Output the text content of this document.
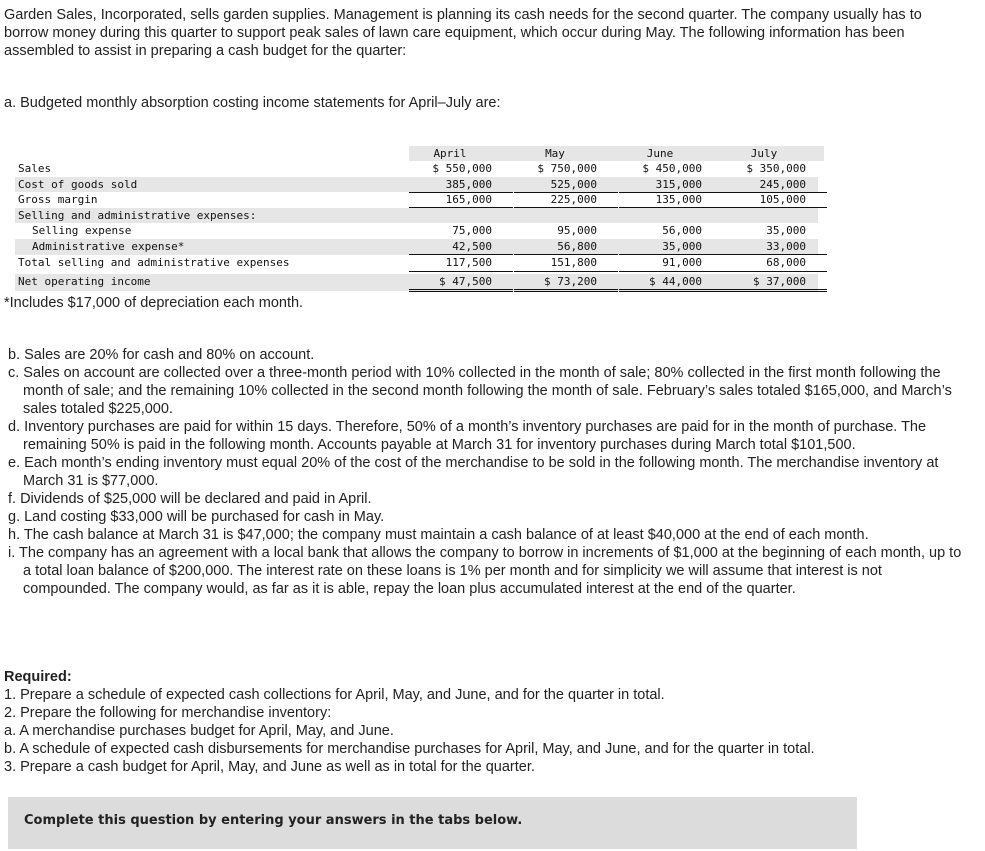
Garden Sales, Incorporated, sells garden supplies. Management is planning its cash needs for the second quarter. The company usually has to borrow money during this quarter to support peak sales of lawn care equipment, which occur during May. The following information has been assembled to assist in preparing a cash budget for the quarter:
a. Budgeted monthly absorption costing income statements for April–July are:
April	May	June	July
Sales	$ 550,000	$ 750,000	$ 450,000	$ 350,000
Cost of goods sold	385,000	525,000	315,000	245,000
Gross margin	165,000	225,000	135,000	105,000
Selling and administrative expenses:
Selling expense	75,000	95,000	56,000	35,000
Administrative expense*	42,500	56,800	35,000	33,000
Total selling and administrative expenses	117,500	151,800	91,000	68,000
Net operating income	$ 47,500	$ 73,200	$ 44,000	$ 37,000
*Includes $17,000 of depreciation each month.

b. Sales are 20% for cash and 80% on account.

c. Sales on account are collected over a three-month period with 10% collected in the month of sale; 80% collected in the first month following the month of sale; and the remaining 10% collected in the second month following the month of sale. February’s sales totaled $165,000, and March’s sales totaled $225,000.

d. Inventory purchases are paid for within 15 days. Therefore, 50% of a month’s inventory purchases are paid for in the month of purchase. The remaining 50% is paid in the following month. Accounts payable at March 31 for inventory purchases during March total $101,500.

e. Each month’s ending inventory must equal 20% of the cost of the merchandise to be sold in the following month. The merchandise inventory at March 31 is $77,000.

f. Dividends of $25,000 will be declared and paid in April.

g. Land costing $33,000 will be purchased for cash in May.

h. The cash balance at March 31 is $47,000; the company must maintain a cash balance of at least $40,000 at the end of each month.

i. The company has an agreement with a local bank that allows the company to borrow in increments of $1,000 at the beginning of each month, up to a total loan balance of $200,000. The interest rate on these loans is 1% per month and for simplicity we will assume that interest is not compounded. The company would, as far as it is able, repay the loan plus accumulated interest at the end of the quarter.

Required:
1. Prepare a schedule of expected cash collections for April, May, and June, and for the quarter in total.
2. Prepare the following for merchandise inventory:
a. A merchandise purchases budget for April, May, and June.
b. A schedule of expected cash disbursements for merchandise purchases for April, May, and June, and for the quarter in total.
3. Prepare a cash budget for April, May, and June as well as in total for the quarter.
Complete this question by entering your answers in the tabs below.
